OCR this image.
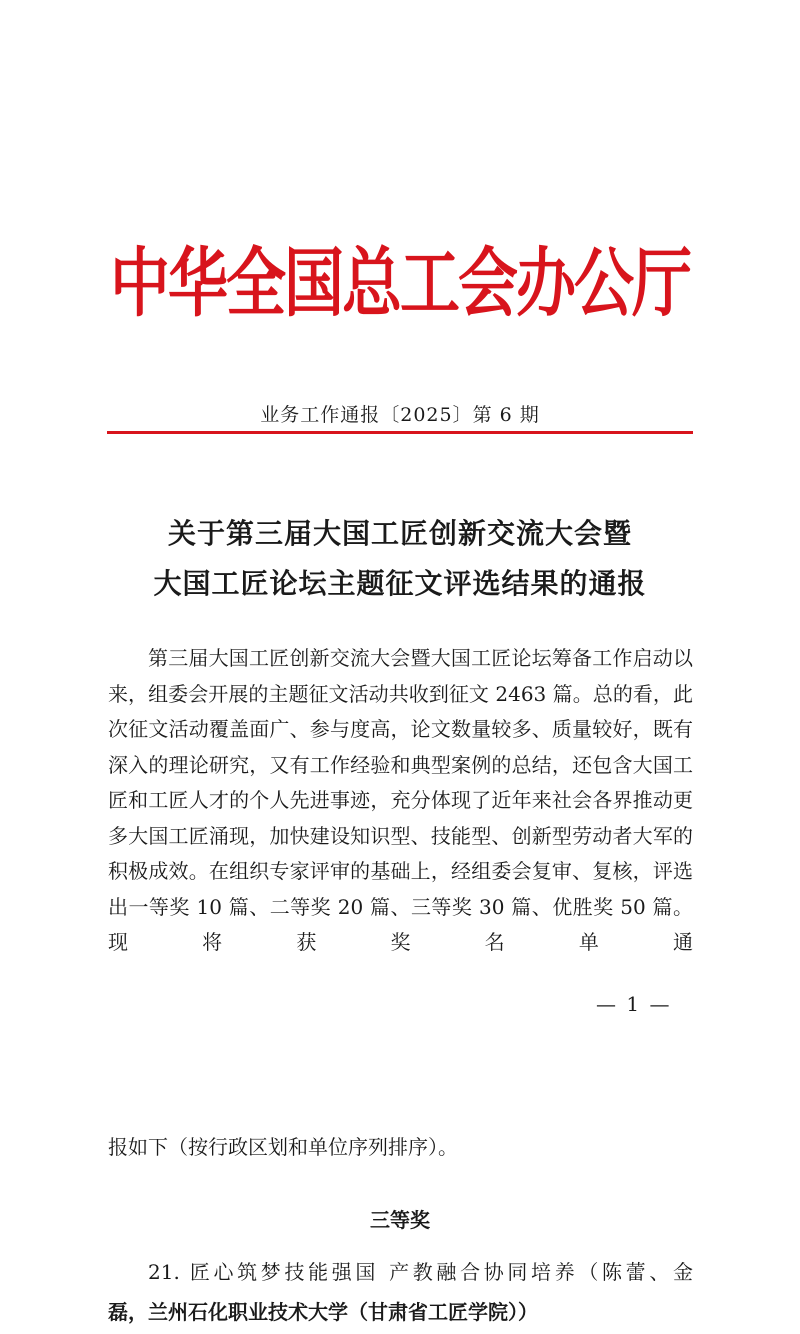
中华全国总工会办公厅
业务工作通报〔2025〕第 6 期
关于第三届大国工匠创新交流大会暨
大国工匠论坛主题征文评选结果的通报
第三届大国工匠创新交流大会暨大国工匠论坛筹备工作启动以来，组委会开展的主题征文活动共收到征文 2463 篇。总的看，此次征文活动覆盖面广、参与度高，论文数量较多、质量较好，既有深入的理论研究，又有工作经验和典型案例的总结，还包含大国工匠和工匠人才的个人先进事迹，充分体现了近年来社会各界推动更多大国工匠涌现，加快建设知识型、技能型、创新型劳动者大军的积极成效。在组织专家评审的基础上，经组委会复审、复核，评选出一等奖 10 篇、二等奖 20 篇、三等奖 30 篇、优胜奖 50 篇。现将获奖名单通
— 1 —
报如下（按行政区划和单位序列排序）。
三等奖
21. 匠心筑梦技能强国 产教融合协同培养（陈蕾、金
磊，兰州石化职业技术大学（甘肃省工匠学院））
